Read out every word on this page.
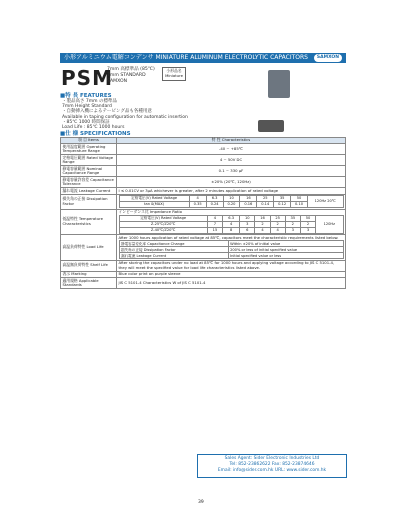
小形アルミニウム電解コンデンサ MINIATURE ALUMINUM ELECTROLYTIC CAPACITORS	SAMXON
PSM
7mm 高標準品 (85℃)
7mm STANDARD
SAMXON
小形品名
Miniature
■特 長 FEATURES
・製品高さ 7mm の標準品
7mm Height Standard
・自動挿入機によるテーピング品も各種用意
Available in taping configuration for automatic insertion
・85℃ 1000 時間保証
Load Life : 85℃ 1000 hours
■仕 様 SPECIFICATIONS
項 目 Items	特 性 Characteristics
使用温度範囲 Operating Temperature Range	-40 ~ +85℃
定格電圧範囲 Rated Voltage Range	4 ~ 50V DC
静電容量範囲 Nominal Capacitance Range	0.1 ~ 330 μF
静電容量許容差 Capacitance Tolerance	±20% (20℃, 120Hz)
漏れ電流 Leakage Current	I ≤ 0.01CV or 3μA whichever is greater, after 2 minutes application of rated voltage
損失角の正接 Dissipation Factor	
定格電圧(V) Rated Voltage	4	6.3	10	16	25	35	50	120Hz 20℃
tan δ(MAX)	0.35	0.24	0.20	0.16	0.14	0.12	0.10

低温特性 Temperature Characteristics	
インピーダンス比 Impedance Ratio
定格電圧(V) Rated Voltage	4	6.3	10	16	25	35	50	120Hz
Z-25℃/Z20℃	7	4	3	2	2	2	2
Z-40℃/Z20℃	15	8	6	4	4	3	3

高温負荷特性 Load Life	
After 1000 hours application of rated voltage at 85℃, capacitors meet the characteristic requirements listed below.
静電容量変化率 Capacitance Change	Within ±20% of initial value
損失角の正接 Dissipation Factor	200% or less of initial specified value
漏れ電流 Leakage Current	Initial specified value or less

高温無負荷特性 Shelf Life	After storing the capacitors under no load at 85℃ for 1000 hours and applying voltage according to JIS C 5101-4, they will meet the specified value for load life characteristics listed above.
表示 Marking	Blue color print on purple sleeve
適用規格 Applicable Standards	JIS C 5101-4 Characteristics W of JIS C 5101-4
Sales Agent: Sider Electronic Industries Ltd
Tel: 852-23862622 Fax: 852-23874646
Email: info@sider.com.hk URL: www.sider.com.hk
39
